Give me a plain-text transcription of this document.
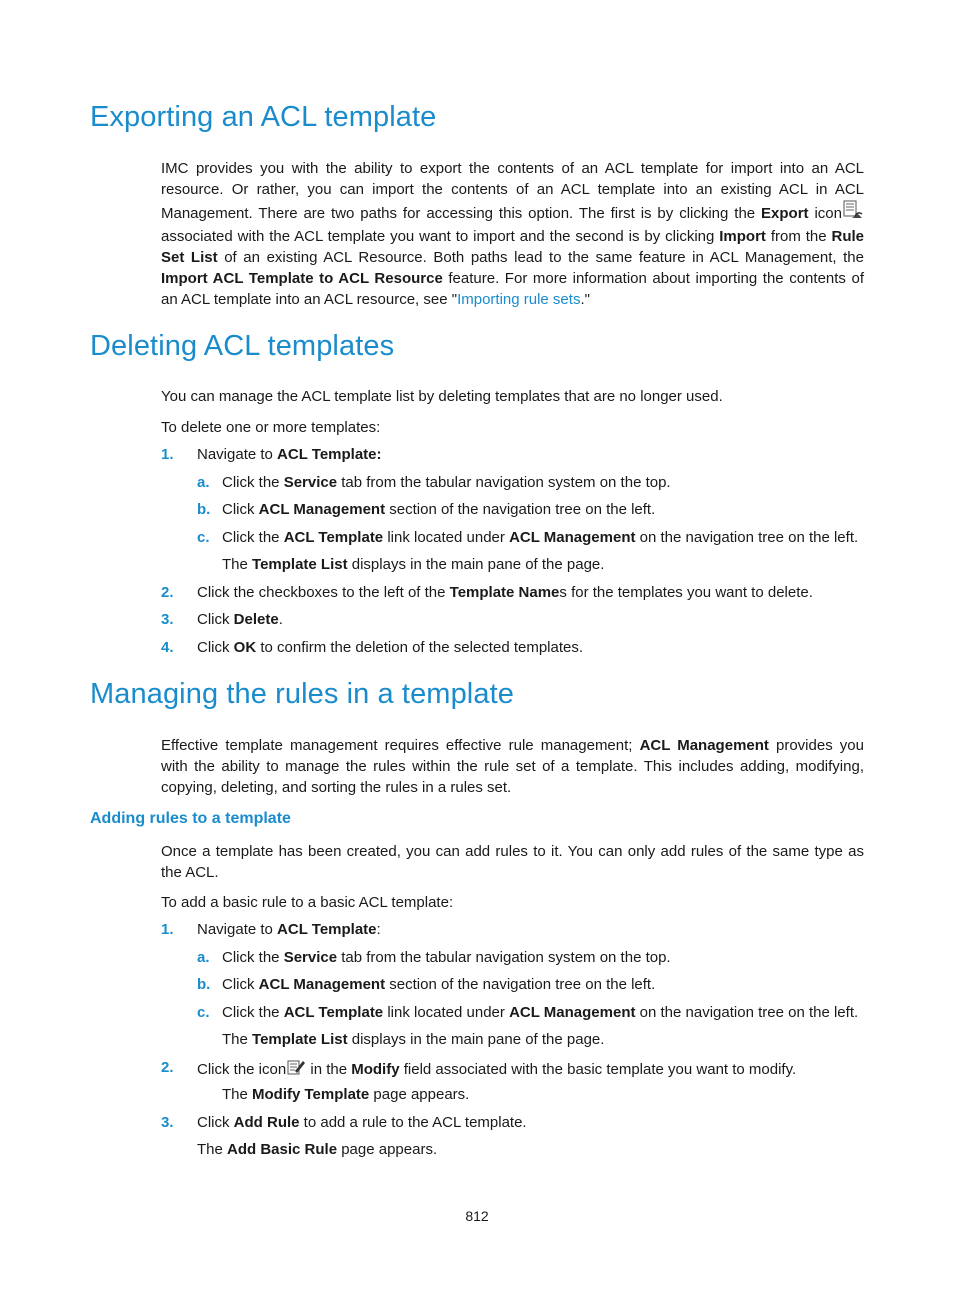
Exporting an ACL template

IMC provides you with the ability to export the contents of an ACL template for import into an ACL resource. Or rather, you can import the contents of an ACL template into an existing ACL in ACL Management. There are two paths for accessing this option. The first is by clicking the Export icon associated with the ACL template you want to import and the second is by clicking Import from the Rule Set List of an existing ACL Resource. Both paths lead to the same feature in ACL Management, the Import ACL Template to ACL Resource feature. For more information about importing the contents of an ACL template into an ACL resource, see "Importing rule sets."

Deleting ACL templates

You can manage the ACL template list by deleting templates that are no longer used.

To delete one or more templates:

1. Navigate to ACL Template:
a. Click the Service tab from the tabular navigation system on the top.
b. Click ACL Management section of the navigation tree on the left.
c. Click the ACL Template link located under ACL Management on the navigation tree on the left.
The Template List displays in the main pane of the page.
2. Click the checkboxes to the left of the Template Names for the templates you want to delete.
3. Click Delete.
4. Click OK to confirm the deletion of the selected templates.
Managing the rules in a template

Effective template management requires effective rule management; ACL Management provides you with the ability to manage the rules within the rule set of a template. This includes adding, modifying, copying, deleting, and sorting the rules in a rules set.

Adding rules to a template

Once a template has been created, you can add rules to it. You can only add rules of the same type as the ACL.

To add a basic rule to a basic ACL template:

1. Navigate to ACL Template:
a. Click the Service tab from the tabular navigation system on the top.
b. Click ACL Management section of the navigation tree on the left.
c. Click the ACL Template link located under ACL Management on the navigation tree on the left.
The Template List displays in the main pane of the page.
2. Click the icon in the Modify field associated with the basic template you want to modify.
The Modify Template page appears.
3. Click Add Rule to add a rule to the ACL template.
The Add Basic Rule page appears.
812
